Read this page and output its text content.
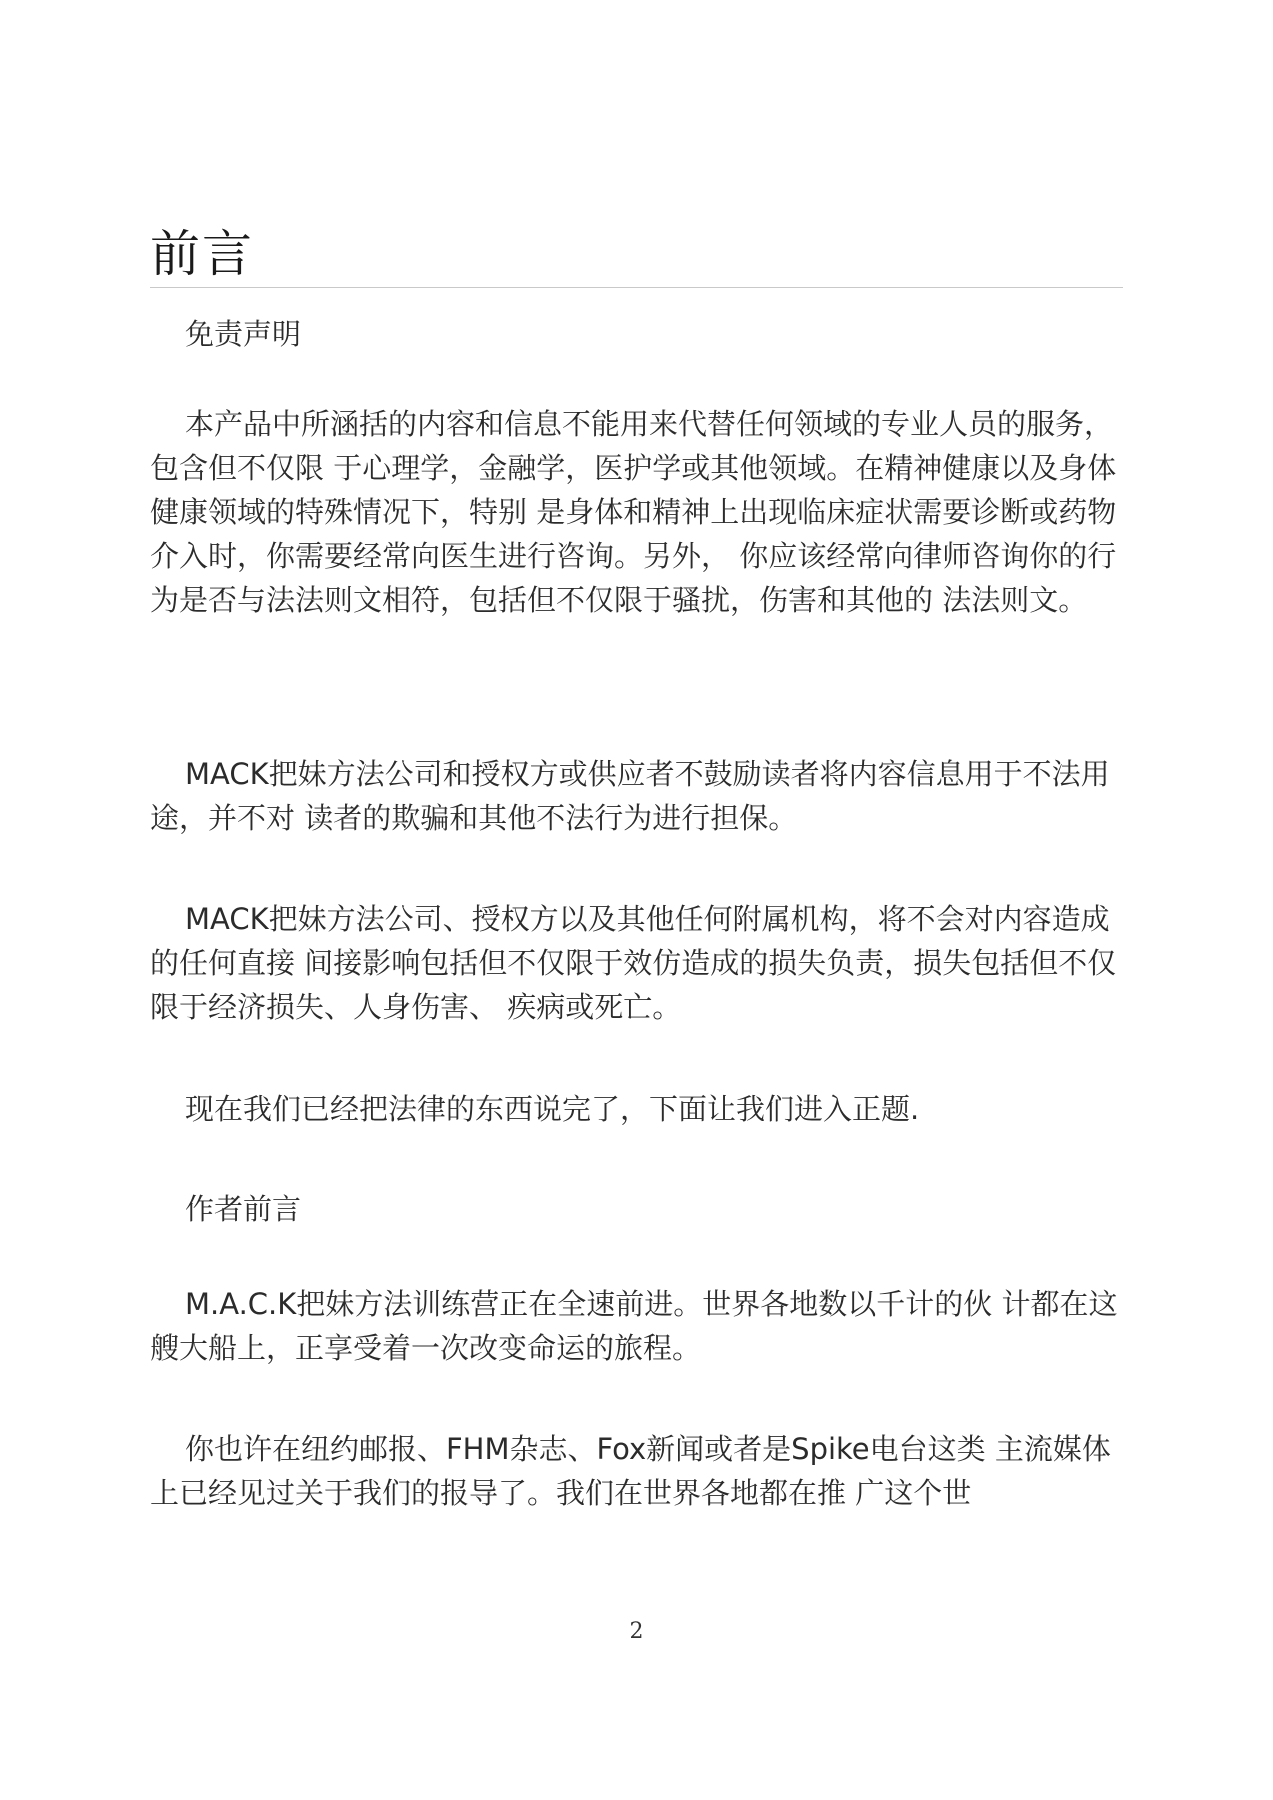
前言

免责声明

本产品中所涵括的内容和信息不能用来代替任何领域的专业人员的服务，包含但不仅限 于心理学，金融学，医护学或其他领域。在精神健康以及身体健康领域的特殊情况下，特别 是身体和精神上出现临床症状需要诊断或药物介入时，你需要经常向医生进行咨询。另外， 你应该经常向律师咨询你的行为是否与法法则文相符，包括但不仅限于骚扰，伤害和其他的 法法则文。

MACK把妹方法公司和授权方或供应者不鼓励读者将内容信息用于不法用途，并不对 读者的欺骗和其他不法行为进行担保。

MACK把妹方法公司、授权方以及其他任何附属机构，将不会对内容造成的任何直接 间接影响包括但不仅限于效仿造成的损失负责，损失包括但不仅限于经济损失、人身伤害、 疾病或死亡。

现在我们已经把法律的东西说完了，下面让我们进入正题.

作者前言

M.A.C.K把妹方法训练营正在全速前进。世界各地数以千计的伙 计都在这艘大船上，正享受着一次改变命运的旅程。

你也许在纽约邮报、FHM杂志、Fox新闻或者是Spike电台这类 主流媒体上已经见过关于我们的报导了。我们在世界各地都在推 广这个世

2
